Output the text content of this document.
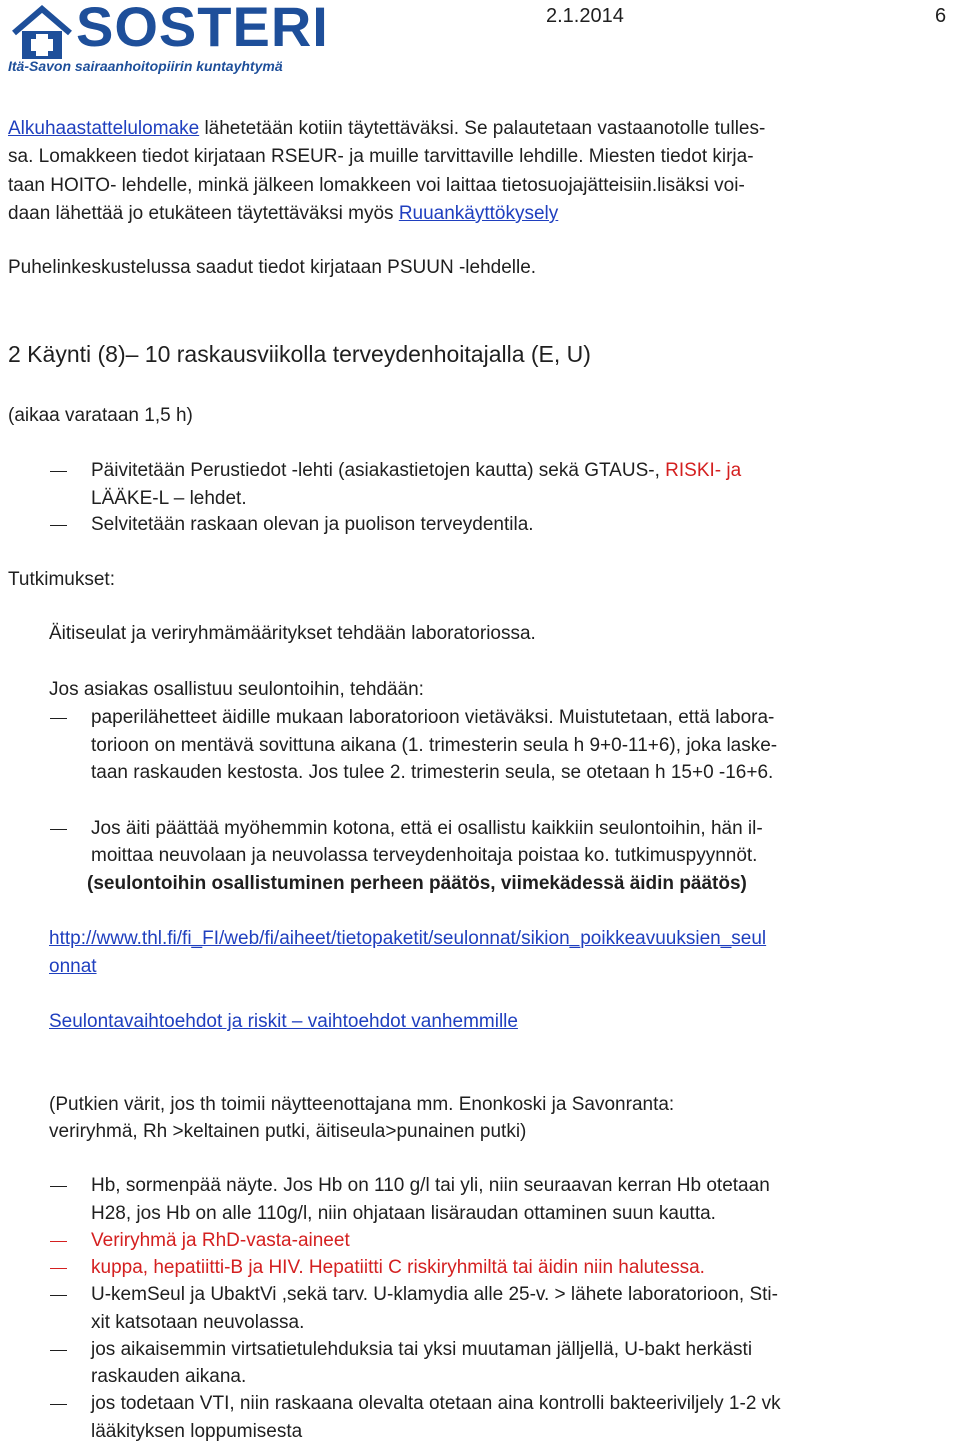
SOSTERI
Itä-Savon sairaanhoitopiirin kuntayhtymä
2.1.2014	6
Alkuhaastattelulomake lähetetään kotiin täytettäväksi. Se palautetaan vastaanotolle tulles-
sa. Lomakkeen tiedot kirjataan RSEUR- ja muille tarvittaville lehdille. Miesten tiedot kirja-
taan HOITO- lehdelle, minkä jälkeen lomakkeen voi laittaa tietosuojajätteisiin.lisäksi voi-
daan lähettää jo etukäteen täytettäväksi myös Ruuankäyttökysely
Puhelinkeskustelussa saadut tiedot kirjataan PSUUN -lehdelle.
2 Käynti (8)– 10 raskausviikolla terveydenhoitajalla (E, U)
(aikaa varataan 1,5 h)
Päivitetään Perustiedot -lehti (asiakastietojen kautta) sekä GTAUS-, RISKI- ja
LÄÄKE-L – lehdet.
Selvitetään raskaan olevan ja puolison terveydentila.
Tutkimukset:
Äitiseulat ja veriryhmämääritykset tehdään laboratoriossa.
Jos asiakas osallistuu seulontoihin, tehdään:
paperilähetteet äidille mukaan laboratorioon vietäväksi. Muistutetaan, että labora-
torioon on mentävä sovittuna aikana (1. trimesterin seula h 9+0-11+6), joka laske-
taan raskauden kestosta. Jos tulee 2. trimesterin seula, se otetaan h 15+0 -16+6.
Jos äiti päättää myöhemmin kotona, että ei osallistu kaikkiin seulontoihin, hän il-
moittaa neuvolaan ja neuvolassa terveydenhoitaja poistaa ko. tutkimuspyynnöt.
(seulontoihin osallistuminen perheen päätös, viimekädessä äidin päätös)
http://www.thl.fi/fi_FI/web/fi/aiheet/tietopaketit/seulonnat/sikion_poikkeavuuksien_seul
onnat
Seulontavaihtoehdot ja riskit – vaihtoehdot vanhemmille
(Putkien värit, jos th toimii näytteenottajana mm. Enonkoski ja Savonranta:
veriryhmä, Rh >keltainen putki, äitiseula>punainen putki)
Hb, sormenpää näyte. Jos Hb on 110 g/l tai yli, niin seuraavan kerran Hb otetaan
H28, jos Hb on alle 110g/l, niin ohjataan lisäraudan ottaminen suun kautta.
Veriryhmä ja RhD-vasta-aineet
kuppa, hepatiitti-B ja HIV. Hepatiitti C riskiryhmiltä tai äidin niin halutessa.
U-kemSeul ja UbaktVi ,sekä tarv. U-klamydia alle 25-v. > lähete laboratorioon, Sti-
xit katsotaan neuvolassa.
jos aikaisemmin virtsatietulehduksia tai yksi muutaman jälljellä, U-bakt herkästi
raskauden aikana.
jos todetaan VTI, niin raskaana olevalta otetaan aina kontrolli bakteeriviljely 1-2 vk
lääkityksen loppumisesta
